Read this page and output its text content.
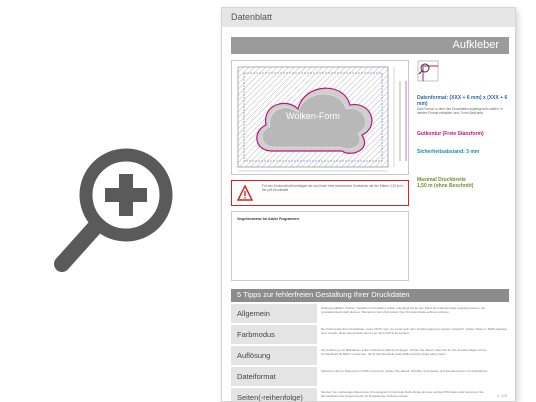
Datenblatt
Aufkleber
Wolken-Form
Datenformat: (XXX + 6 mm) x (XXX + 6 mm)
Das Format, in dem Ihre Druckdaten angelegt sein sollten, in diesem Format enthalten sind: 3 mm Beschnitt.
Gutkontur (Freie Stanzform)
Sicherheitsabstand: 3 mm
Maximal Druckbreite
1,50 m (ohne Beschnitt)
Für den Konturschnitt benötigen wir von Ihnen eine vektorisierte Konturlinie mit der Stärke 0,25 pt in der pdf-Druckdatei.
Vorgehensweise bei Adobe Programmen:
5 Tipps zur fehlerfreien Gestaltung Ihrer Druckdaten
Allgemein
Hintergrundbilder, Farben, Verläufe und Grafiken sollten unbedingt bis an den Rand des Datenformats angelegt werden, da produktionstechnisch kleinere Toleranzen beim Schneiden Ihrer Druckprodukte auftreten können.
Farbmodus
Der Farbmodus Ihrer Druckdaten muss CMYK sein, da somit noch dem Druckvorgang am besten entspricht. Sollten Daten in RGB angelegt sein, werden diese automatisch durch uns nach CMYK konvertiert.
Auflösung
Die Auflösung von Bilddateien sollte mindestens 300 dpi betragen. Achten Sie darauf, dass Sie für Ihre Druckvorlagen immer hochauflösende Bilder verwenden, da Ihr Druckprodukt andernfalls (leicht) pixelig wirken kann.
Dateiformat
Speichern Sie Ihr Dokument im PDF Format ab. Achten Sie darauf, Schriften einzubetten und Sonderzeichen mit aufzuführen.
Seiten(-reihenfolge)
Senden Sie mehrseitige Dokumente chronologisch in korrekter Reihenfolge als eine einzige PDF-Datei oder benennen Sie Einzeldokumente entsprechend mit fortlaufenden Seitennummern.	s. 1/3
